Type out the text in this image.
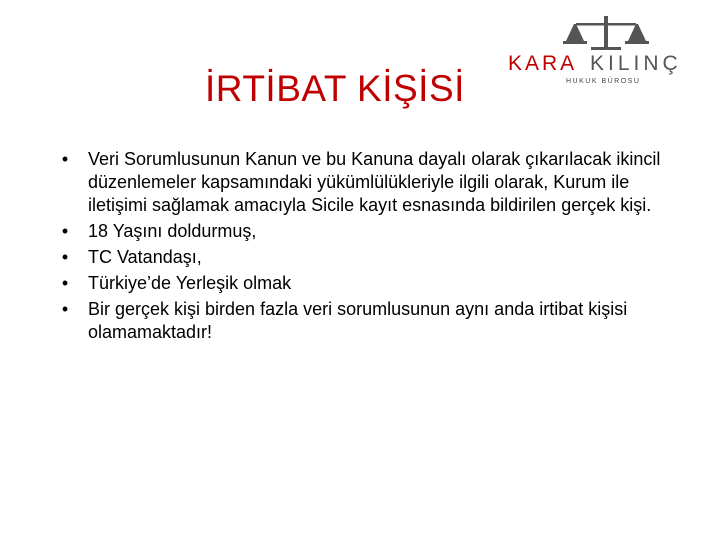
KARA KILINÇ
HUKUK BÜROSU
İRTİBAT KİŞİSİ
• Veri Sorumlusunun Kanun ve bu Kanuna dayalı olarak çıkarılacak ikincil düzenlemeler kapsamındaki yükümlülükleriyle ilgili olarak, Kurum ile iletişimi sağlamak amacıyla Sicile kayıt esnasında bildirilen gerçek kişi.
• 18 Yaşını doldurmuş,
• TC Vatandaşı,
• Türkiye’de Yerleşik olmak
• Bir gerçek kişi birden fazla veri sorumlusunun aynı anda irtibat kişisi olamamaktadır!
